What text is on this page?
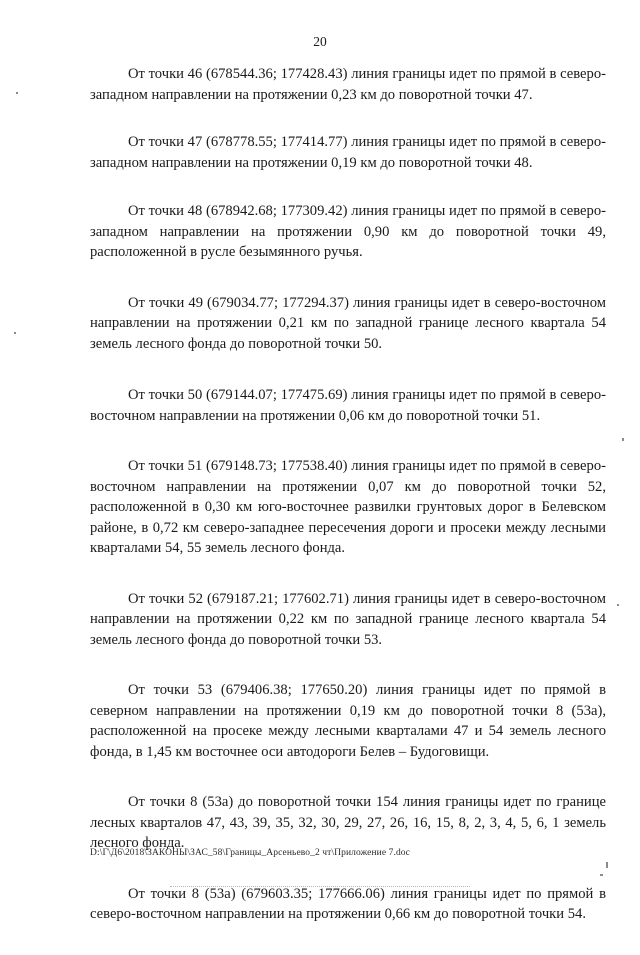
20

От точки 46 (678544.36; 177428.43) линия границы идет по прямой в северо-западном направлении на протяжении 0,23 км до поворотной точки 47.

От точки 47 (678778.55; 177414.77) линия границы идет по прямой в северо-западном направлении на протяжении 0,19 км до поворотной точки 48.

От точки 48 (678942.68; 177309.42) линия границы идет по прямой в северо-западном направлении на протяжении 0,90 км до поворотной точки 49, расположенной в русле безымянного ручья.

От точки 49 (679034.77; 177294.37) линия границы идет в северо-восточном направлении на протяжении 0,21 км по западной границе лесного квартала 54 земель лесного фонда до поворотной точки 50.

От точки 50 (679144.07; 177475.69) линия границы идет по прямой в северо-восточном направлении на протяжении 0,06 км до поворотной точки 51.

От точки 51 (679148.73; 177538.40) линия границы идет по прямой в северо-восточном направлении на протяжении 0,07 км до поворотной точки 52, расположенной в 0,30 км юго-восточнее развилки грунтовых дорог в Белевском районе, в 0,72 км северо-западнее пересечения дороги и просеки между лесными кварталами 54, 55 земель лесного фонда.

От точки 52 (679187.21; 177602.71) линия границы идет в северо-восточном направлении на протяжении 0,22 км по западной границе лесного квартала 54 земель лесного фонда до поворотной точки 53.

От точки 53 (679406.38; 177650.20) линия границы идет по прямой в северном направлении на протяжении 0,19 км до поворотной точки 8 (53а), расположенной на просеке между лесными кварталами 47 и 54 земель лесного фонда, в 1,45 км восточнее оси автодороги Белев – Будоговищи.

От точки 8 (53а) до поворотной точки 154 линия границы идет по границе лесных кварталов 47, 43, 39, 35, 32, 30, 29, 27, 26, 16, 15, 8, 2, 3, 4, 5, 6, 1 земель лесного фонда.

От точки 8 (53а) (679603.35; 177666.06) линия границы идет по прямой в северо-восточном направлении на протяжении 0,66 км до поворотной точки 54.

D:\Г\Д6\2018\ЗАКОНЫ\ЗАС_58\Границы_Арсеньево_2 чт\Приложение 7.doc
